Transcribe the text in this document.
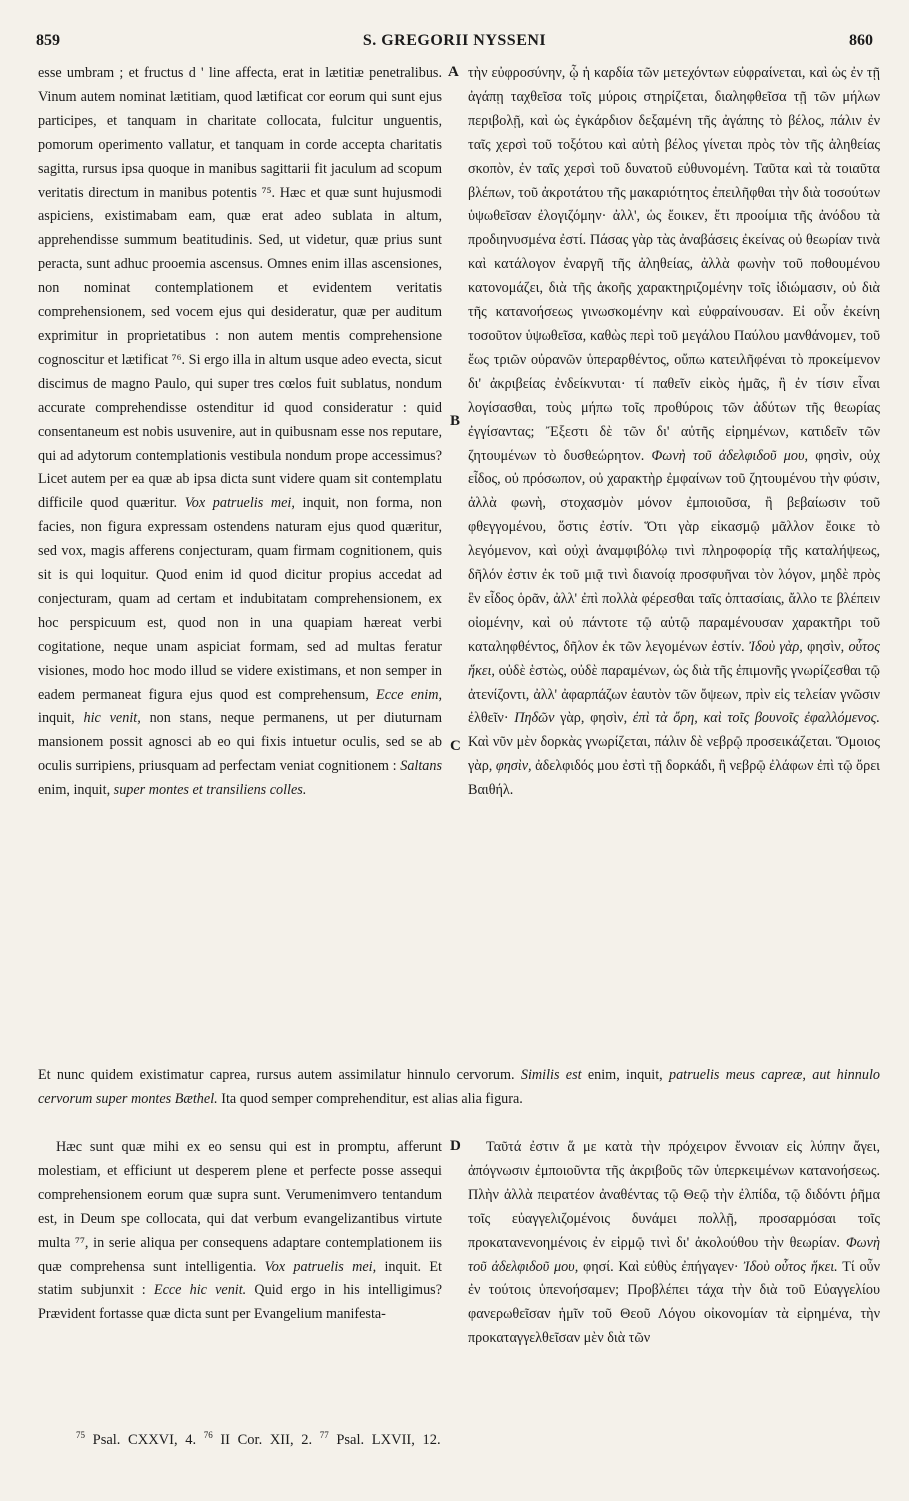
859	S. GREGORII NYSSENI	860

esse umbram ; et fructus d ' line affecta, erat in lætitiæ penetralibus. Vinum autem nominat lætitiam, quod lætificat cor eorum qui sunt ejus participes, et tanquam in charitate collocata, fulcitur unguentis, pomorum operimento vallatur, et tanquam in corde accepta charitatis sagitta, rursus ipsa quoque in manibus sagittarii fit jaculum ad scopum veritatis directum in manibus potentis ⁷⁵. Hæc et quæ sunt hujusmodi aspiciens, existimabam eam, quæ erat adeo sublata in altum, apprehendisse summum beatitudinis. Sed, ut videtur, quæ prius sunt peracta, sunt adhuc prooemia ascensus. Omnes enim illas ascensiones, non nominat contemplationem et evidentem veritatis comprehensionem, sed vocem ejus qui desideratur, quæ per auditum exprimitur in proprietatibus : non autem mentis comprehensione cognoscitur et lætificat ⁷⁶. Si ergo illa in altum usque adeo evecta, sicut discimus de magno Paulo, qui super tres cœlos fuit sublatus, nondum accurate comprehendisse ostenditur id quod consideratur : quid consentaneum est nobis usuvenire, aut in quibusnam esse nos reputare, qui ad adytorum contemplationis vestibula nondum prope accessimus? Licet autem per ea quæ ab ipsa dicta sunt videre quam sit contemplatu difficile quod quæritur. Vox patruelis mei, inquit, non forma, non facies, non figura expressam ostendens naturam ejus quod quæritur, sed vox, magis afferens conjecturam, quam firmam cognitionem, quis sit is qui loquitur. Quod enim id quod dicitur propius accedat ad conjecturam, quam ad certam et indubitatam comprehensionem, ex hoc perspicuum est, quod non in una quapiam hæreat verbi cogitatione, neque unam aspiciat formam, sed ad multas feratur visiones, modo hoc modo illud se videre existimans, et non semper in eadem permaneat figura ejus quod est comprehensum, Ecce enim, inquit, hic venit, non stans, neque permanens, ut per diuturnam mansionem possit agnosci ab eo qui fixis intuetur oculis, sed se ab oculis surripiens, priusquam ad perfectam veniat cognitionem : Saltans enim, inquit, super montes et transiliens colles.

τὴν εὐφροσύνην, ᾧ ἡ καρδία τῶν μετεχόντων εὐφραίνεται, καὶ ὡς ἐν τῇ ἀγάπῃ ταχθεῖσα τοῖς μύροις στηρίζεται, διαληφθεῖσα τῇ τῶν μήλων περιβολῇ, καὶ ὡς ἐγκάρδιον δεξαμένη τῆς ἀγάπης τὸ βέλος, πάλιν ἐν ταῖς χερσὶ τοῦ τοξότου καὶ αὐτὴ βέλος γίνεται πρὸς τὸν τῆς ἀληθείας σκοπὸν, ἐν ταῖς χερσὶ τοῦ δυνατοῦ εὐθυνομένη. Ταῦτα καὶ τὰ τοιαῦτα βλέπων, τοῦ ἀκροτάτου τῆς μακαριότητος ἐπειλῆφθαι τὴν διὰ τοσούτων ὑψωθεῖσαν ἐλογιζόμην· ἀλλ', ὡς ἔοικεν, ἔτι προοίμια τῆς ἀνόδου τὰ προδιηνυσμένα ἐστί. Πάσας γὰρ τὰς ἀναβάσεις ἐκείνας οὐ θεωρίαν τινὰ καὶ κατάλογον ἐναργῆ τῆς ἀληθείας, ἀλλὰ φωνὴν τοῦ ποθουμένου κατονομάζει, διὰ τῆς ἀκοῆς χαρακτηριζομένην τοῖς ἰδιώμασιν, οὐ διὰ τῆς κατανοήσεως γινωσκομένην καὶ εὐφραίνουσαν. Εἰ οὖν ἐκείνη τοσοῦτον ὑψωθεῖσα, καθὼς περὶ τοῦ μεγάλου Παύλου μανθάνομεν, τοῦ ἕως τριῶν οὐρανῶν ὑπεραρθέντος, οὔπω κατειλῆφέναι τὸ προκείμενον δι' ἀκριβείας ἐνδείκνυται· τί παθεῖν εἰκὸς ἡμᾶς, ἢ ἐν τίσιν εἶναι λογίσασθαι, τοὺς μήπω τοῖς προθύροις τῶν ἀδύτων τῆς θεωρίας ἐγγίσαντας; Ἔξεστι δὲ τῶν δι' αὐτῆς εἰρημένων, κατιδεῖν τῶν ζητουμένων τὸ δυσθεώρητον. Φωνὴ τοῦ ἀδελφιδοῦ μου, φησὶν, οὐχ εἶδος, οὐ πρόσωπον, οὐ χαρακτὴρ ἐμφαίνων τοῦ ζητουμένου τὴν φύσιν, ἀλλὰ φωνὴ, στοχασμὸν μόνον ἐμποιοῦσα, ἢ βεβαίωσιν τοῦ φθεγγομένου, ὅστις ἐστίν. Ὅτι γὰρ εἰκασμῷ μᾶλλον ἔοικε τὸ λεγόμενον, καὶ οὐχὶ ἀναμφιβόλῳ τινὶ πληροφορίᾳ τῆς καταλήψεως, δῆλόν ἐστιν ἐκ τοῦ μιᾷ τινὶ διανοίᾳ προσφυῆναι τὸν λόγον, μηδὲ πρὸς ἓν εἶδος ὁρᾶν, ἀλλ' ἐπὶ πολλὰ φέρεσθαι ταῖς ὀπτασίαις, ἄλλο τε βλέπειν οἰομένην, καὶ οὐ πάντοτε τῷ αὐτῷ παραμένουσαν χαρακτῆρι τοῦ καταληφθέντος, δῆλον ἐκ τῶν λεγομένων ἐστίν. Ἰδοὺ γὰρ, φησὶν, οὗτος ἥκει, οὐδὲ ἑστὼς, οὐδὲ παραμένων, ὡς διὰ τῆς ἐπιμονῆς γνωρίζεσθαι τῷ ἀτενίζοντι, ἀλλ' ἀφαρπάζων ἑαυτὸν τῶν ὄψεων, πρὶν εἰς τελείαν γνῶσιν ἐλθεῖν· Πηδῶν γὰρ, φησὶν, ἐπὶ τὰ ὄρη, καὶ τοῖς βουνοῖς ἐφαλλόμενος. Καὶ νῦν μὲν δορκὰς γνωρίζεται, πάλιν δὲ νεβρῷ προσεικάζεται. Ὅμοιος γὰρ, φησὶν, ἀδελφιδός μου ἐστὶ τῇ δορκάδι, ἢ νεβρῷ ἐλάφων ἐπὶ τῷ ὄρει Βαιθήλ.

A
B
C
D

Et nunc quidem existimatur caprea, rursus autem assimilatur hinnulo cervorum. Similis est enim, inquit, patruelis meus capreæ, aut hinnulo cervorum super montes Bæthel. Ita quod semper comprehenditur, est alias alia figura.

Hæc sunt quæ mihi ex eo sensu qui est in promptu, afferunt molestiam, et efficiunt ut desperem plene et perfecte posse assequi comprehensionem eorum quæ supra sunt. Verumenimvero tentandum est, in Deum spe collocata, qui dat verbum evangelizantibus virtute multa ⁷⁷, in serie aliqua per consequens adaptare contemplationem iis quæ comprehensa sunt intelligentia. Vox patruelis mei, inquit. Et statim subjunxit : Ecce hic venit. Quid ergo in his intelligimus? Prævident fortasse quæ dicta sunt per Evangelium manifesta-

Ταῦτά ἐστιν ἅ με κατὰ τὴν πρόχειρον ἔννοιαν εἰς λύπην ἄγει, ἀπόγνωσιν ἐμποιοῦντα τῆς ἀκριβοῦς τῶν ὑπερκειμένων κατανοήσεως. Πλὴν ἀλλὰ πειρατέον ἀναθέντας τῷ Θεῷ τὴν ἐλπίδα, τῷ διδόντι ῥῆμα τοῖς εὐαγγελιζομένοις δυνάμει πολλῇ, προσαρμόσαι τοῖς προκατανενοημένοις ἐν εἱρμῷ τινὶ δι' ἀκολούθου τὴν θεωρίαν. Φωνὴ τοῦ ἀδελφιδοῦ μου, φησί. Καὶ εὐθὺς ἐπήγαγεν· Ἰδοὺ οὗτος ἥκει. Τί οὖν ἐν τούτοις ὑπενοήσαμεν; Προβλέπει τάχα τὴν διὰ τοῦ Εὐαγγελίου φανερωθεῖσαν ἡμῖν τοῦ Θεοῦ Λόγου οἰκονομίαν τὰ εἰρημένα, τὴν προκαταγγελθεῖσαν μὲν διὰ τῶν

$^{75}$ Psal. CXXVI, 4. $^{76}$ II Cor. XII, 2. $^{77}$ Psal. LXVII, 12.
